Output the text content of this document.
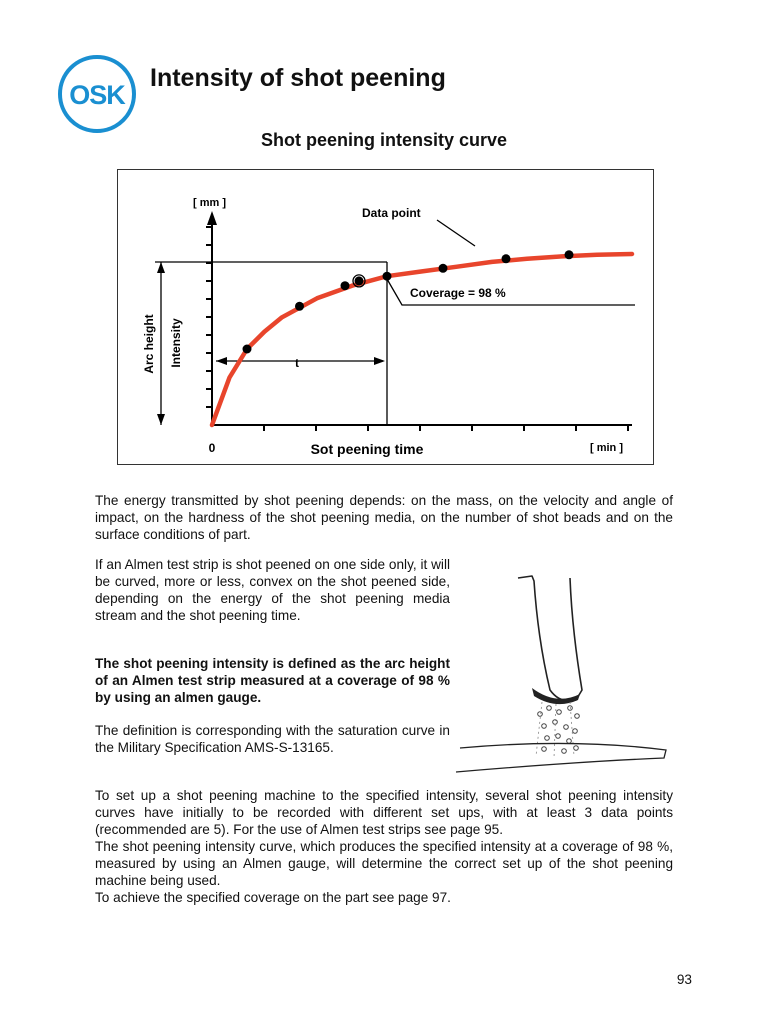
OSK
Intensity of shot peening
Shot peening intensity curve
[ mm ]
Data point
Coverage = 98 %
t
0	Sot peening time	[ min ]
Arc height Intensity

The energy transmitted by shot peening depends: on the mass, on the velocity and angle of impact, on the hardness of the shot peening media, on the number of shot beads and on the surface conditions of part.

If an Almen test strip is shot peened on one side only, it will be curved, more or less, convex on the shot peened side, depending on the energy of the shot peening media stream and the shot peening time.

The shot peening intensity is defined as the arc height of an Almen test strip measured at a coverage of 98 % by using an almen gauge.

The definition is corresponding with the saturation curve in the Military Specification AMS-S-13165.

To set up a shot peening machine to the specified intensity, several shot peening intensity curves have initially to be recorded with different set ups, with at least 3 data points (recommended are 5). For the use of Almen test strips see page 95.
The shot peening intensity curve, which produces the specified intensity at a coverage of 98 %, measured by using an Almen gauge, will determine the correct set up of the shot peening machine being used.
To achieve the specified coverage on the part see page 97.

93
